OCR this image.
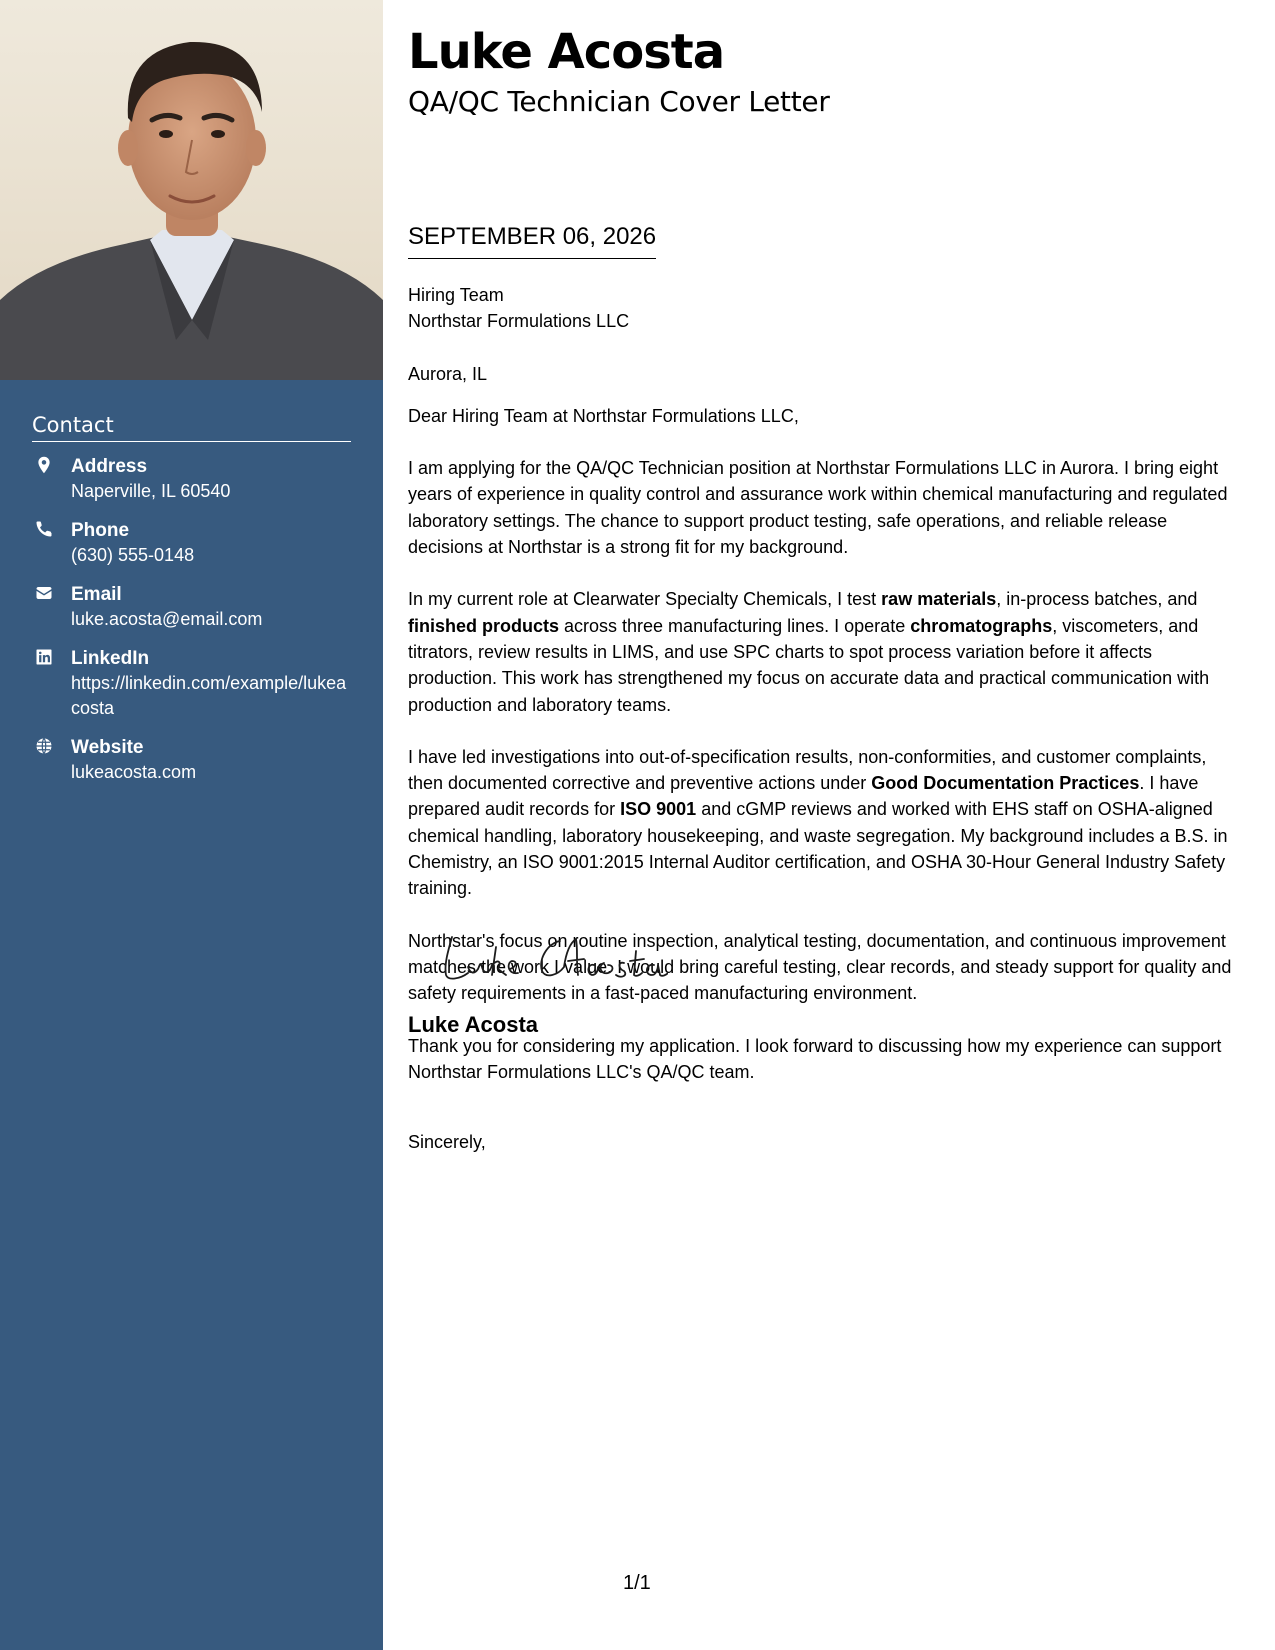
Contact
Address
Naperville, IL 60540
Phone
(630) 555-0148
Email
luke.acosta@email.com
LinkedIn
https://linkedin.com/example/lukeacosta
Website
lukeacosta.com
Luke Acosta
QA/QC Technician Cover Letter
SEPTEMBER 06, 2026

Hiring Team

Northstar Formulations LLC

Aurora, IL

Dear Hiring Team at Northstar Formulations LLC,

I am applying for the QA/QC Technician position at Northstar Formulations LLC in Aurora. I bring eight years of experience in quality control and assurance work within chemical manufacturing and regulated laboratory settings. The chance to support product testing, safe operations, and reliable release decisions at Northstar is a strong fit for my background.

In my current role at Clearwater Specialty Chemicals, I test raw materials, in-process batches, and finished products across three manufacturing lines. I operate chromatographs, viscometers, and titrators, review results in LIMS, and use SPC charts to spot process variation before it affects production. This work has strengthened my focus on accurate data and practical communication with production and laboratory teams.

I have led investigations into out-of-specification results, non-conformities, and customer complaints, then documented corrective and preventive actions under Good Documentation Practices. I have prepared audit records for ISO 9001 and cGMP reviews and worked with EHS staff on OSHA-aligned chemical handling, laboratory housekeeping, and waste segregation. My background includes a B.S. in Chemistry, an ISO 9001:2015 Internal Auditor certification, and OSHA 30-Hour General Industry Safety training.

Northstar's focus on routine inspection, analytical testing, documentation, and continuous improvement matches the work I value. I would bring careful testing, clear records, and steady support for quality and safety requirements in a fast-paced manufacturing environment.

Thank you for considering my application. I look forward to discussing how my experience can support Northstar Formulations LLC's QA/QC team.

Sincerely,

Luke Acosta
1/1
